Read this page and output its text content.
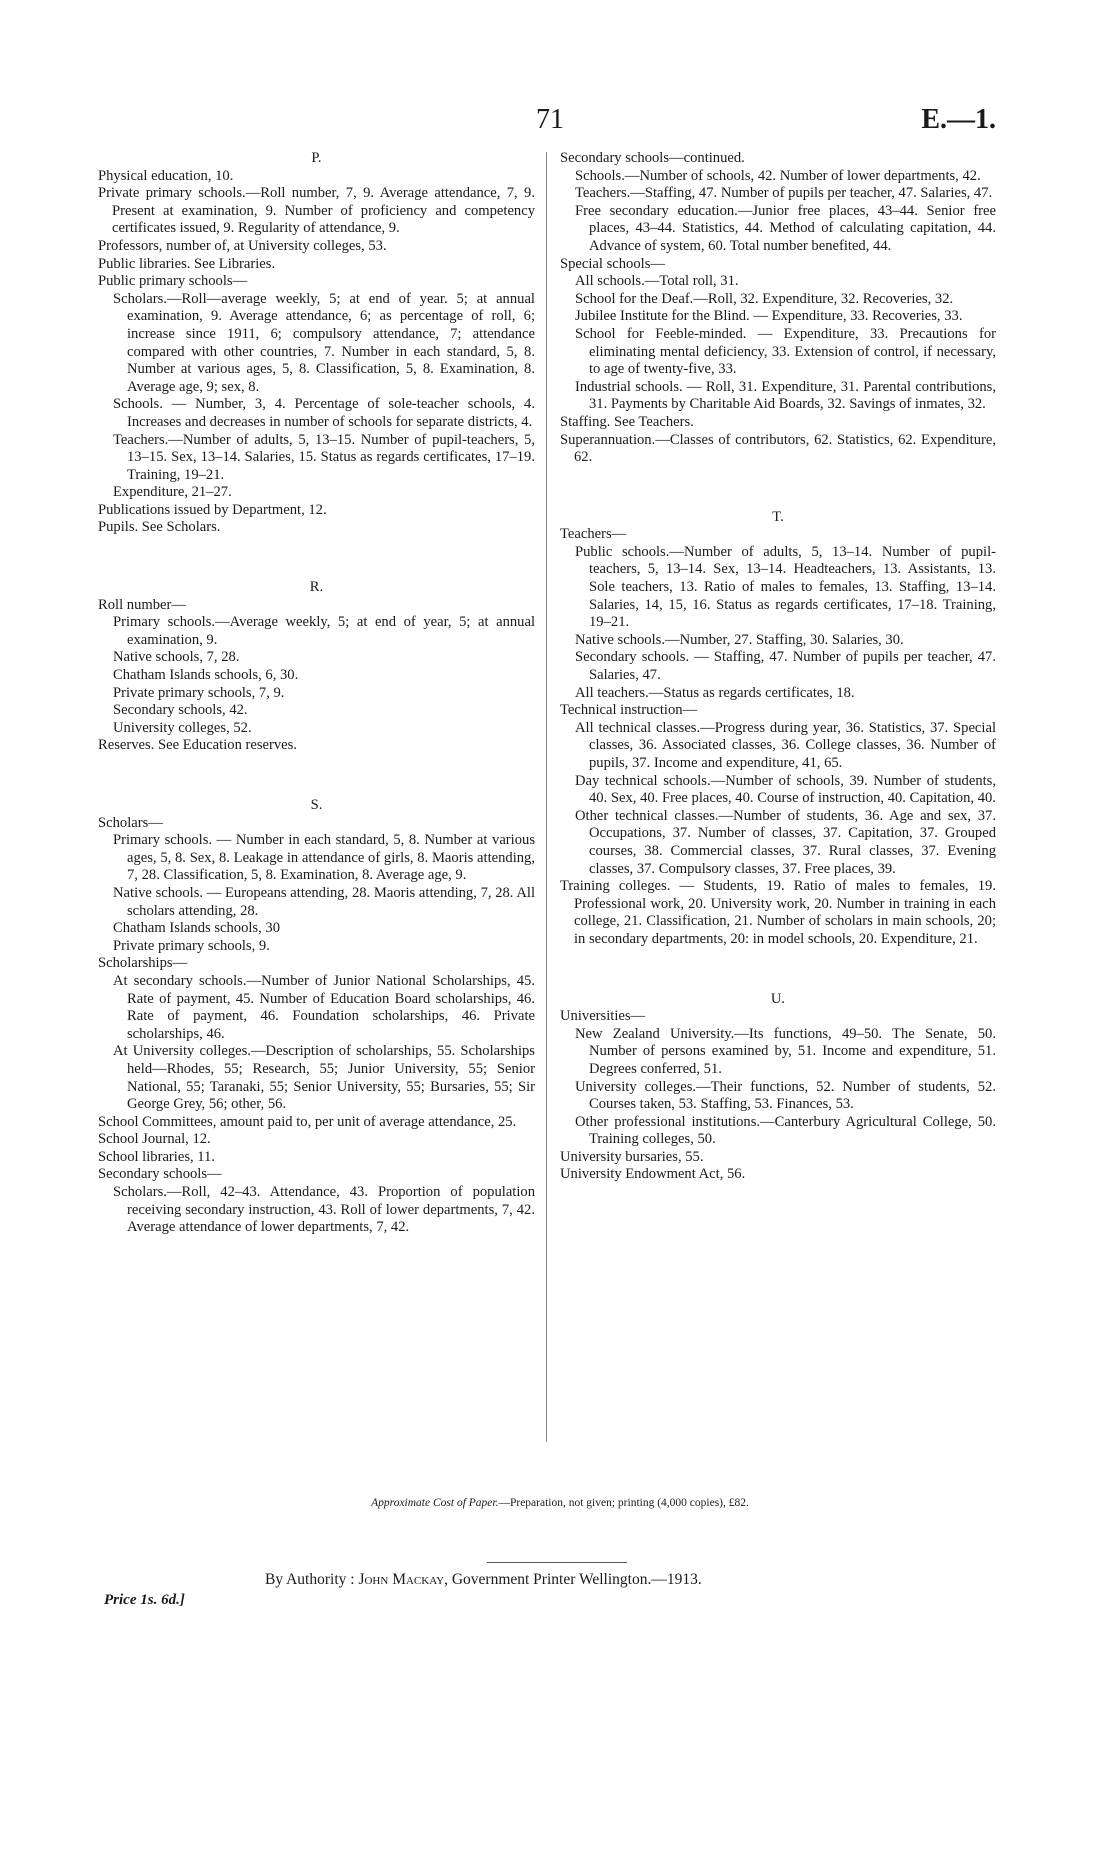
71	E.—1.

P.

Physical education, 10.

Private primary schools.—Roll number, 7, 9. Average attendance, 7, 9. Present at examination, 9. Number of proficiency and competency certificates issued, 9. Regularity of attendance, 9.

Professors, number of, at University colleges, 53.

Public libraries. See Libraries.

Public primary schools—

Scholars.—Roll—average weekly, 5; at end of year. 5; at annual examination, 9. Average attendance, 6; as percentage of roll, 6; increase since 1911, 6; compulsory attendance, 7; attendance compared with other countries, 7. Number in each standard, 5, 8. Number at various ages, 5, 8. Classification, 5, 8. Examination, 8. Average age, 9; sex, 8.

Schools. — Number, 3, 4. Percentage of sole-teacher schools, 4. Increases and decreases in number of schools for separate districts, 4.

Teachers.—Number of adults, 5, 13–15. Number of pupil-teachers, 5, 13–15. Sex, 13–14. Salaries, 15. Status as regards certificates, 17–19. Training, 19–21.

Expenditure, 21–27.

Publications issued by Department, 12.

Pupils. See Scholars.

R.

Roll number—

Primary schools.—Average weekly, 5; at end of year, 5; at annual examination, 9.

Native schools, 7, 28.

Chatham Islands schools, 6, 30.

Private primary schools, 7, 9.

Secondary schools, 42.

University colleges, 52.

Reserves. See Education reserves.

S.

Scholars—

Primary schools. — Number in each standard, 5, 8. Number at various ages, 5, 8. Sex, 8. Leakage in attendance of girls, 8. Maoris attending, 7, 28. Classification, 5, 8. Examination, 8. Average age, 9.

Native schools. — Europeans attending, 28. Maoris attending, 7, 28. All scholars attending, 28.

Chatham Islands schools, 30

Private primary schools, 9.

Scholarships—

At secondary schools.—Number of Junior National Scholarships, 45. Rate of payment, 45. Number of Education Board scholarships, 46. Rate of payment, 46. Foundation scholarships, 46. Private scholarships, 46.

At University colleges.—Description of scholarships, 55. Scholarships held—Rhodes, 55; Research, 55; Junior University, 55; Senior National, 55; Taranaki, 55; Senior University, 55; Bursaries, 55; Sir George Grey, 56; other, 56.

School Committees, amount paid to, per unit of average attendance, 25.

School Journal, 12.

School libraries, 11.

Secondary schools—

Scholars.—Roll, 42–43. Attendance, 43. Proportion of population receiving secondary instruction, 43. Roll of lower departments, 7, 42. Average attendance of lower departments, 7, 42.

Secondary schools—continued.

Schools.—Number of schools, 42. Number of lower departments, 42.

Teachers.—Staffing, 47. Number of pupils per teacher, 47. Salaries, 47.

Free secondary education.—Junior free places, 43–44. Senior free places, 43–44. Statistics, 44. Method of calculating capitation, 44. Advance of system, 60. Total number benefited, 44.

Special schools—

All schools.—Total roll, 31.

School for the Deaf.—Roll, 32. Expenditure, 32. Recoveries, 32.

Jubilee Institute for the Blind. — Expenditure, 33. Recoveries, 33.

School for Feeble-minded. — Expenditure, 33. Precautions for eliminating mental deficiency, 33. Extension of control, if necessary, to age of twenty-five, 33.

Industrial schools. — Roll, 31. Expenditure, 31. Parental contributions, 31. Payments by Charitable Aid Boards, 32. Savings of inmates, 32.

Staffing. See Teachers.

Superannuation.—Classes of contributors, 62. Statistics, 62. Expenditure, 62.

T.

Teachers—

Public schools.—Number of adults, 5, 13–14. Number of pupil-teachers, 5, 13–14. Sex, 13–14. Headteachers, 13. Assistants, 13. Sole teachers, 13. Ratio of males to females, 13. Staffing, 13–14. Salaries, 14, 15, 16. Status as regards certificates, 17–18. Training, 19–21.

Native schools.—Number, 27. Staffing, 30. Salaries, 30.

Secondary schools. — Staffing, 47. Number of pupils per teacher, 47. Salaries, 47.

All teachers.—Status as regards certificates, 18.

Technical instruction—

All technical classes.—Progress during year, 36. Statistics, 37. Special classes, 36. Associated classes, 36. College classes, 36. Number of pupils, 37. Income and expenditure, 41, 65.

Day technical schools.—Number of schools, 39. Number of students, 40. Sex, 40. Free places, 40. Course of instruction, 40. Capitation, 40.

Other technical classes.—Number of students, 36. Age and sex, 37. Occupations, 37. Number of classes, 37. Capitation, 37. Grouped courses, 38. Commercial classes, 37. Rural classes, 37. Evening classes, 37. Compulsory classes, 37. Free places, 39.

Training colleges. — Students, 19. Ratio of males to females, 19. Professional work, 20. University work, 20. Number in training in each college, 21. Classification, 21. Number of scholars in main schools, 20; in secondary departments, 20: in model schools, 20. Expenditure, 21.

U.

Universities—

New Zealand University.—Its functions, 49–50. The Senate, 50. Number of persons examined by, 51. Income and expenditure, 51. Degrees conferred, 51.

University colleges.—Their functions, 52. Number of students, 52. Courses taken, 53. Staffing, 53. Finances, 53.

Other professional institutions.—Canterbury Agricultural College, 50. Training colleges, 50.

University bursaries, 55.

University Endowment Act, 56.

Approximate Cost of Paper.—Preparation, not given; printing (4,000 copies), £82.
By Authority : John Mackay, Government Printer Wellington.—1913.
Price 1s. 6d.]
